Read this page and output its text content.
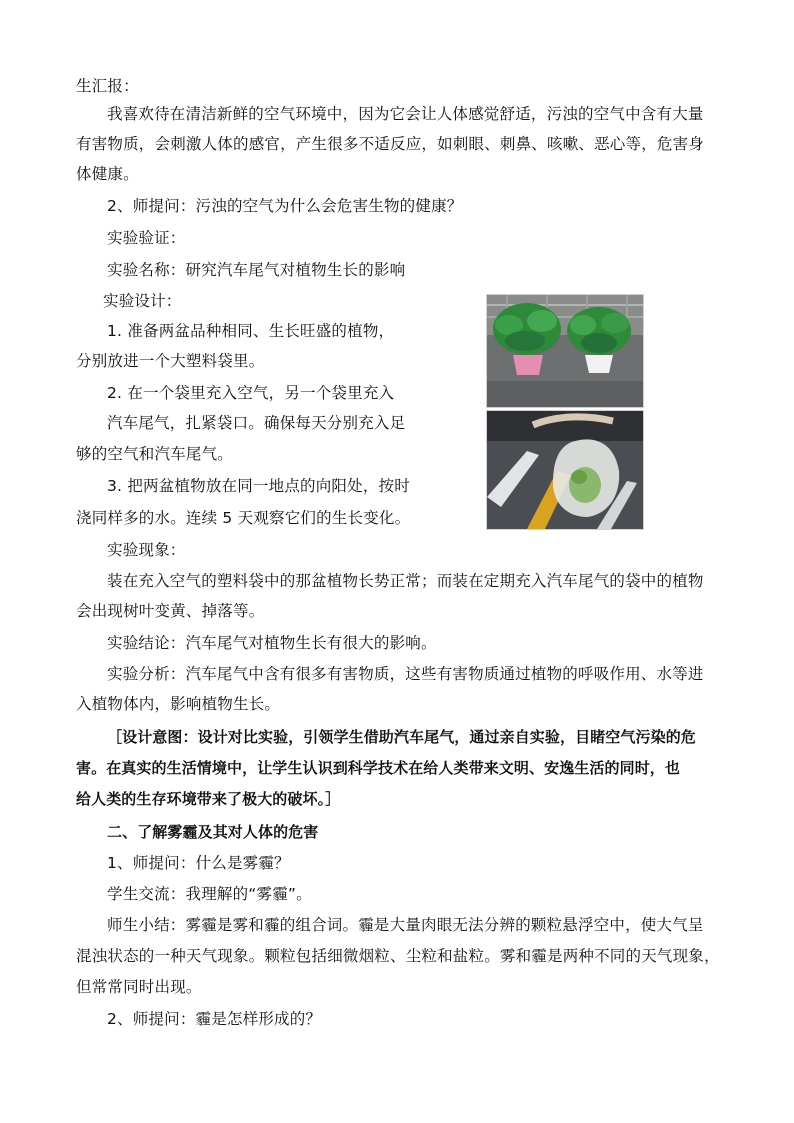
生汇报：
我喜欢待在清洁新鲜的空气环境中，因为它会让人体感觉舒适，污浊的空气中含有大量
有害物质，会刺激人体的感官，产生很多不适反应，如刺眼、刺鼻、咳嗽、恶心等，危害身
体健康。
2、师提问：污浊的空气为什么会危害生物的健康？
实验验证：
实验名称：研究汽车尾气对植物生长的影响
实验设计：
1. 准备两盆品种相同、生长旺盛的植物，
分别放进一个大塑料袋里。
2. 在一个袋里充入空气，另一个袋里充入
汽车尾气，扎紧袋口。确保每天分别充入足
够的空气和汽车尾气。
3. 把两盆植物放在同一地点的向阳处，按时
浇同样多的水。连续 5 天观察它们的生长变化。
实验现象：
装在充入空气的塑料袋中的那盆植物长势正常；而装在定期充入汽车尾气的袋中的植物
会出现树叶变黄、掉落等。
实验结论：汽车尾气对植物生长有很大的影响。
实验分析：汽车尾气中含有很多有害物质，这些有害物质通过植物的呼吸作用、水等进
入植物体内，影响植物生长。
［设计意图：设计对比实验，引领学生借助汽车尾气，通过亲自实验，目睹空气污染的危
害。在真实的生活情境中，让学生认识到科学技术在给人类带来文明、安逸生活的同时，也
给人类的生存环境带来了极大的破坏。］
二、了解雾霾及其对人体的危害
1、师提问：什么是雾霾？
学生交流：我理解的“雾霾”。
师生小结：雾霾是雾和霾的组合词。霾是大量肉眼无法分辨的颗粒悬浮空中，使大气呈
混浊状态的一种天气现象。颗粒包括细微烟粒、尘粒和盐粒。雾和霾是两种不同的天气现象，
但常常同时出现。
2、师提问：霾是怎样形成的？
